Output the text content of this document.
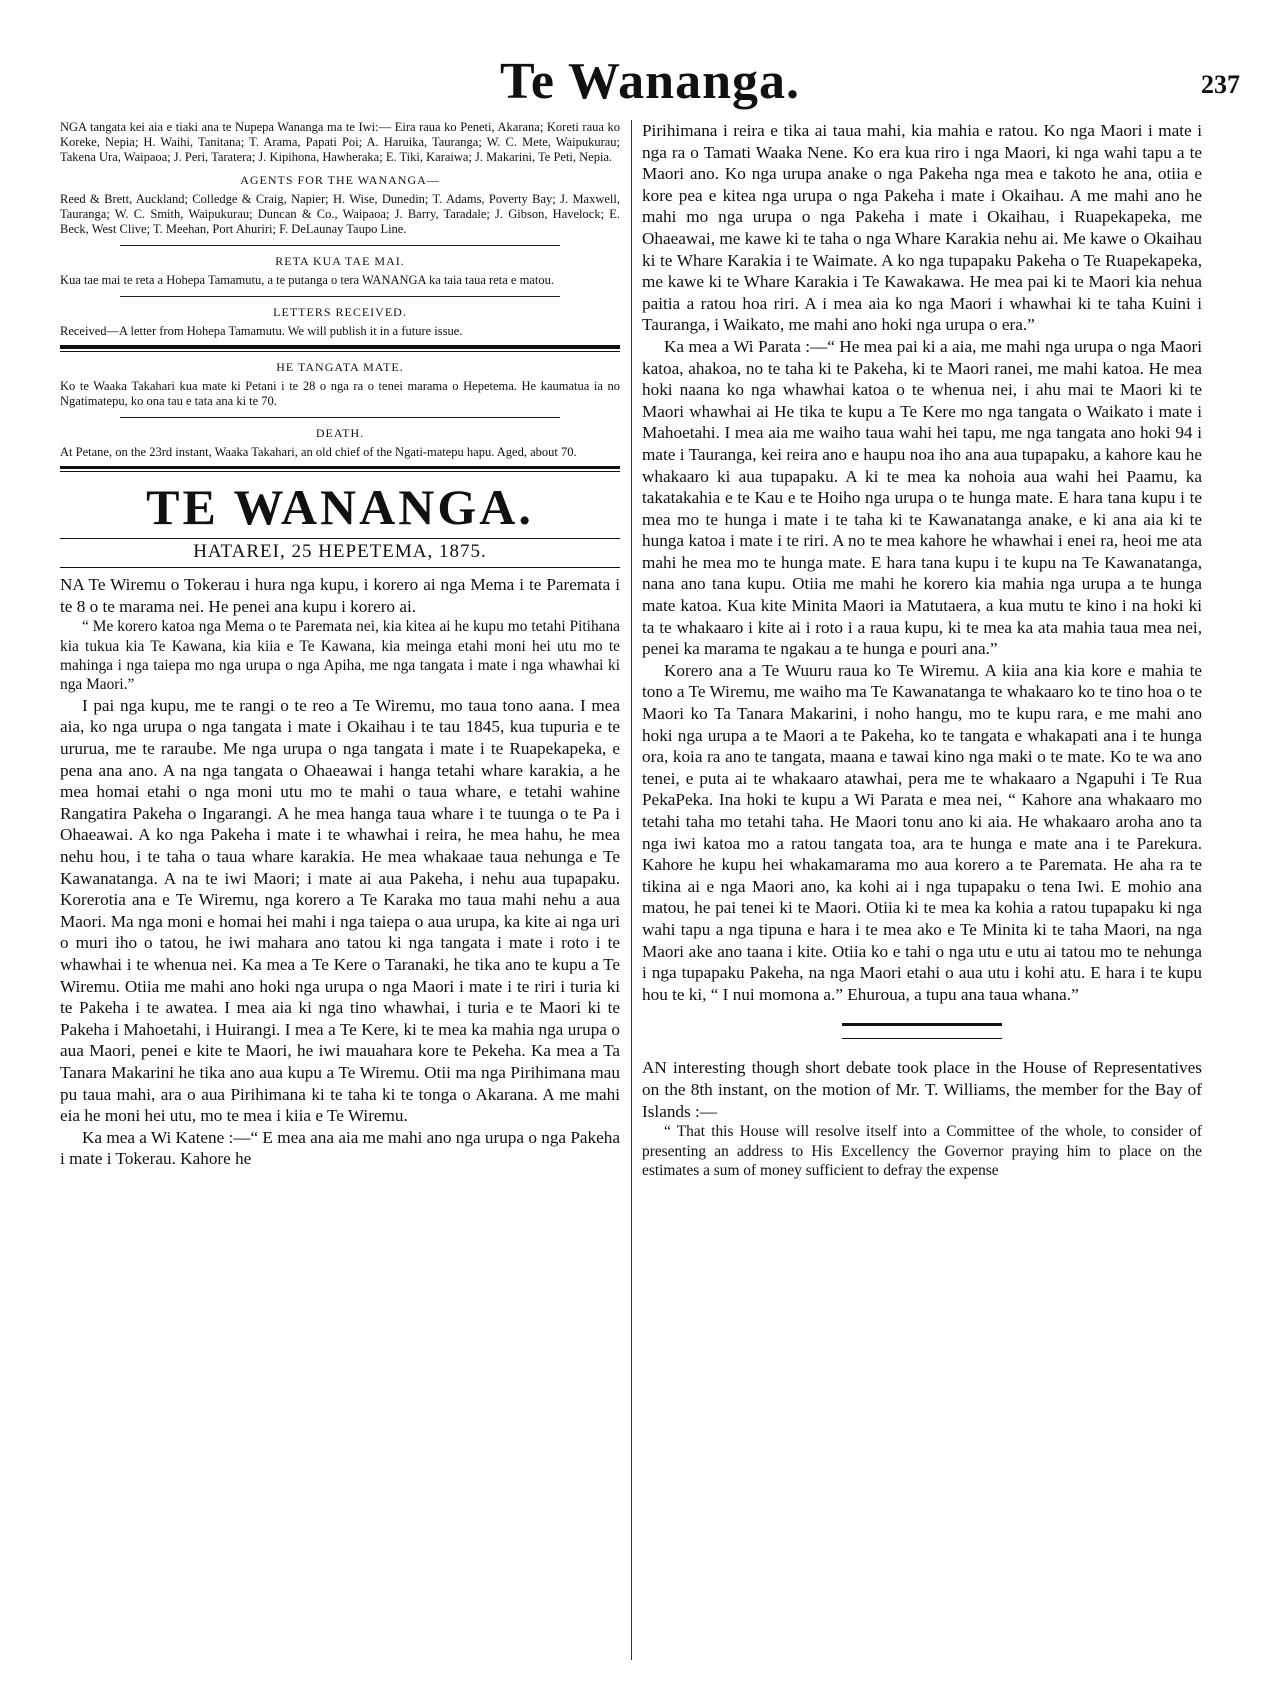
Te Wananga.	237

NGA tangata kei aia e tiaki ana te Nupepa Wananga ma te Iwi:— Eira raua ko Peneti, Akarana; Koreti raua ko Koreke, Nepia; H. Waihi, Tanitana; T. Arama, Papati Poi; A. Haruika, Tauranga; W. C. Mete, Waipukurau; Takena Ura, Waipaoa; J. Peri, Taratera; J. Kipihona, Hawheraka; E. Tiki, Karaiwa; J. Makarini, Te Peti, Nepia.

AGENTS FOR THE WANANGA—

Reed & Brett, Auckland; Colledge & Craig, Napier; H. Wise, Dunedin; T. Adams, Poverty Bay; J. Maxwell, Tauranga; W. C. Smith, Waipukurau; Duncan & Co., Waipaoa; J. Barry, Taradale; J. Gibson, Havelock; E. Beck, West Clive; T. Meehan, Port Ahuriri; F. DeLaunay Taupo Line.

RETA KUA TAE MAI.

Kua tae mai te reta a Hohepa Tamamutu, a te putanga o tera WANANGA ka taia taua reta e matou.

LETTERS RECEIVED.

Received—A letter from Hohepa Tamamutu. We will publish it in a future issue.

HE TANGATA MATE.

Ko te Waaka Takahari kua mate ki Petani i te 28 o nga ra o tenei marama o Hepetema. He kaumatua ia no Ngatimatepu, ko ona tau e tata ana ki te 70.

DEATH.

At Petane, on the 23rd instant, Waaka Takahari, an old chief of the Ngati-matepu hapu. Aged, about 70.

TE WANANGA.
HATAREI, 25 HEPETEMA, 1875.

NA Te Wiremu o Tokerau i hura nga kupu, i korero ai nga Mema i te Paremata i te 8 o te marama nei. He penei ana kupu i korero ai.

“ Me korero katoa nga Mema o te Paremata nei, kia kitea ai he kupu mo tetahi Pitihana kia tukua kia Te Kawana, kia kiia e Te Kawana, kia meinga etahi moni hei utu mo te mahinga i nga taiepa mo nga urupa o nga Apiha, me nga tangata i mate i nga whawhai ki nga Maori.”

I pai nga kupu, me te rangi o te reo a Te Wiremu, mo taua tono aana. I mea aia, ko nga urupa o nga tangata i mate i Okaihau i te tau 1845, kua tupuria e te ururua, me te raraube. Me nga urupa o nga tangata i mate i te Ruapekapeka, e pena ana ano. A na nga tangata o Ohaeawai i hanga tetahi whare karakia, a he mea homai etahi o nga moni utu mo te mahi o taua whare, e tetahi wahine Rangatira Pakeha o Ingarangi. A he mea hanga taua whare i te tuunga o te Pa i Ohaeawai. A ko nga Pakeha i mate i te whawhai i reira, he mea hahu, he mea nehu hou, i te taha o taua whare karakia. He mea whakaae taua nehunga e Te Kawanatanga. A na te iwi Maori; i mate ai aua Pakeha, i nehu aua tupapaku. Korerotia ana e Te Wiremu, nga korero a Te Karaka mo taua mahi nehu a aua Maori. Ma nga moni e homai hei mahi i nga taiepa o aua urupa, ka kite ai nga uri o muri iho o tatou, he iwi mahara ano tatou ki nga tangata i mate i roto i te whawhai i te whenua nei. Ka mea a Te Kere o Taranaki, he tika ano te kupu a Te Wiremu. Otiia me mahi ano hoki nga urupa o nga Maori i mate i te riri i turia ki te Pakeha i te awatea. I mea aia ki nga tino whawhai, i turia e te Maori ki te Pakeha i Mahoetahi, i Huirangi. I mea a Te Kere, ki te mea ka mahia nga urupa o aua Maori, penei e kite te Maori, he iwi mauahara kore te Pekeha. Ka mea a Ta Tanara Makarini he tika ano aua kupu a Te Wiremu. Otii ma nga Pirihimana mau pu taua mahi, ara o aua Pirihimana ki te taha ki te tonga o Akarana. A me mahi eia he moni hei utu, mo te mea i kiia e Te Wiremu.

Ka mea a Wi Katene :—“ E mea ana aia me mahi ano nga urupa o nga Pakeha i mate i Tokerau. Kahore he

Pirihimana i reira e tika ai taua mahi, kia mahia e ratou. Ko nga Maori i mate i nga ra o Tamati Waaka Nene. Ko era kua riro i nga Maori, ki nga wahi tapu a te Maori ano. Ko nga urupa anake o nga Pakeha nga mea e takoto he ana, otiia e kore pea e kitea nga urupa o nga Pakeha i mate i Okaihau. A me mahi ano he mahi mo nga urupa o nga Pakeha i mate i Okaihau, i Ruapekapeka, me Ohaeawai, me kawe ki te taha o nga Whare Karakia nehu ai. Me kawe o Okaihau ki te Whare Karakia i te Waimate. A ko nga tupapaku Pakeha o Te Ruapekapeka, me kawe ki te Whare Karakia i Te Kawakawa. He mea pai ki te Maori kia nehua paitia a ratou hoa riri. A i mea aia ko nga Maori i whawhai ki te taha Kuini i Tauranga, i Waikato, me mahi ano hoki nga urupa o era.”

Ka mea a Wi Parata :—“ He mea pai ki a aia, me mahi nga urupa o nga Maori katoa, ahakoa, no te taha ki te Pakeha, ki te Maori ranei, me mahi katoa. He mea hoki naana ko nga whawhai katoa o te whenua nei, i ahu mai te Maori ki te Maori whawhai ai He tika te kupu a Te Kere mo nga tangata o Waikato i mate i Mahoetahi. I mea aia me waiho taua wahi hei tapu, me nga tangata ano hoki 94 i mate i Tauranga, kei reira ano e haupu noa iho ana aua tupapaku, a kahore kau he whakaaro ki aua tupapaku. A ki te mea ka nohoia aua wahi hei Paamu, ka takatakahia e te Kau e te Hoiho nga urupa o te hunga mate. E hara tana kupu i te mea mo te hunga i mate i te taha ki te Kawanatanga anake, e ki ana aia ki te hunga katoa i mate i te riri. A no te mea kahore he whawhai i enei ra, heoi me ata mahi he mea mo te hunga mate. E hara tana kupu i te kupu na Te Kawanatanga, nana ano tana kupu. Otiia me mahi he korero kia mahia nga urupa a te hunga mate katoa. Kua kite Minita Maori ia Matutaera, a kua mutu te kino i na hoki ki ta te whakaaro i kite ai i roto i a raua kupu, ki te mea ka ata mahia taua mea nei, penei ka marama te ngakau a te hunga e pouri ana.”

Korero ana a Te Wuuru raua ko Te Wiremu. A kiia ana kia kore e mahia te tono a Te Wiremu, me waiho ma Te Kawanatanga te whakaaro ko te tino hoa o te Maori ko Ta Tanara Makarini, i noho hangu, mo te kupu rara, e me mahi ano hoki nga urupa a te Maori a te Pakeha, ko te tangata e whakapati ana i te hunga ora, koia ra ano te tangata, maana e tawai kino nga maki o te mate. Ko te wa ano tenei, e puta ai te whakaaro atawhai, pera me te whakaaro a Ngapuhi i Te Rua PekaPeka. Ina hoki te kupu a Wi Parata e mea nei, “ Kahore ana whakaaro mo tetahi taha mo tetahi taha. He Maori tonu ano ki aia. He whakaaro aroha ano ta nga iwi katoa mo a ratou tangata toa, ara te hunga e mate ana i te Parekura. Kahore he kupu hei whakamarama mo aua korero a te Paremata. He aha ra te tikina ai e nga Maori ano, ka kohi ai i nga tupapaku o tena Iwi. E mohio ana matou, he pai tenei ki te Maori. Otiia ki te mea ka kohia a ratou tupapaku ki nga wahi tapu a nga tipuna e hara i te mea ako e Te Minita ki te taha Maori, na nga Maori ake ano taana i kite. Otiia ko e tahi o nga utu e utu ai tatou mo te nehunga i nga tupapaku Pakeha, na nga Maori etahi o aua utu i kohi atu. E hara i te kupu hou te ki, “ I nui momona a.” Ehuroua, a tupu ana taua whana.”

AN interesting though short debate took place in the House of Representatives on the 8th instant, on the motion of Mr. T. Williams, the member for the Bay of Islands :—

“ That this House will resolve itself into a Committee of the whole, to consider of presenting an address to His Excellency the Governor praying him to place on the estimates a sum of money sufficient to defray the expense
